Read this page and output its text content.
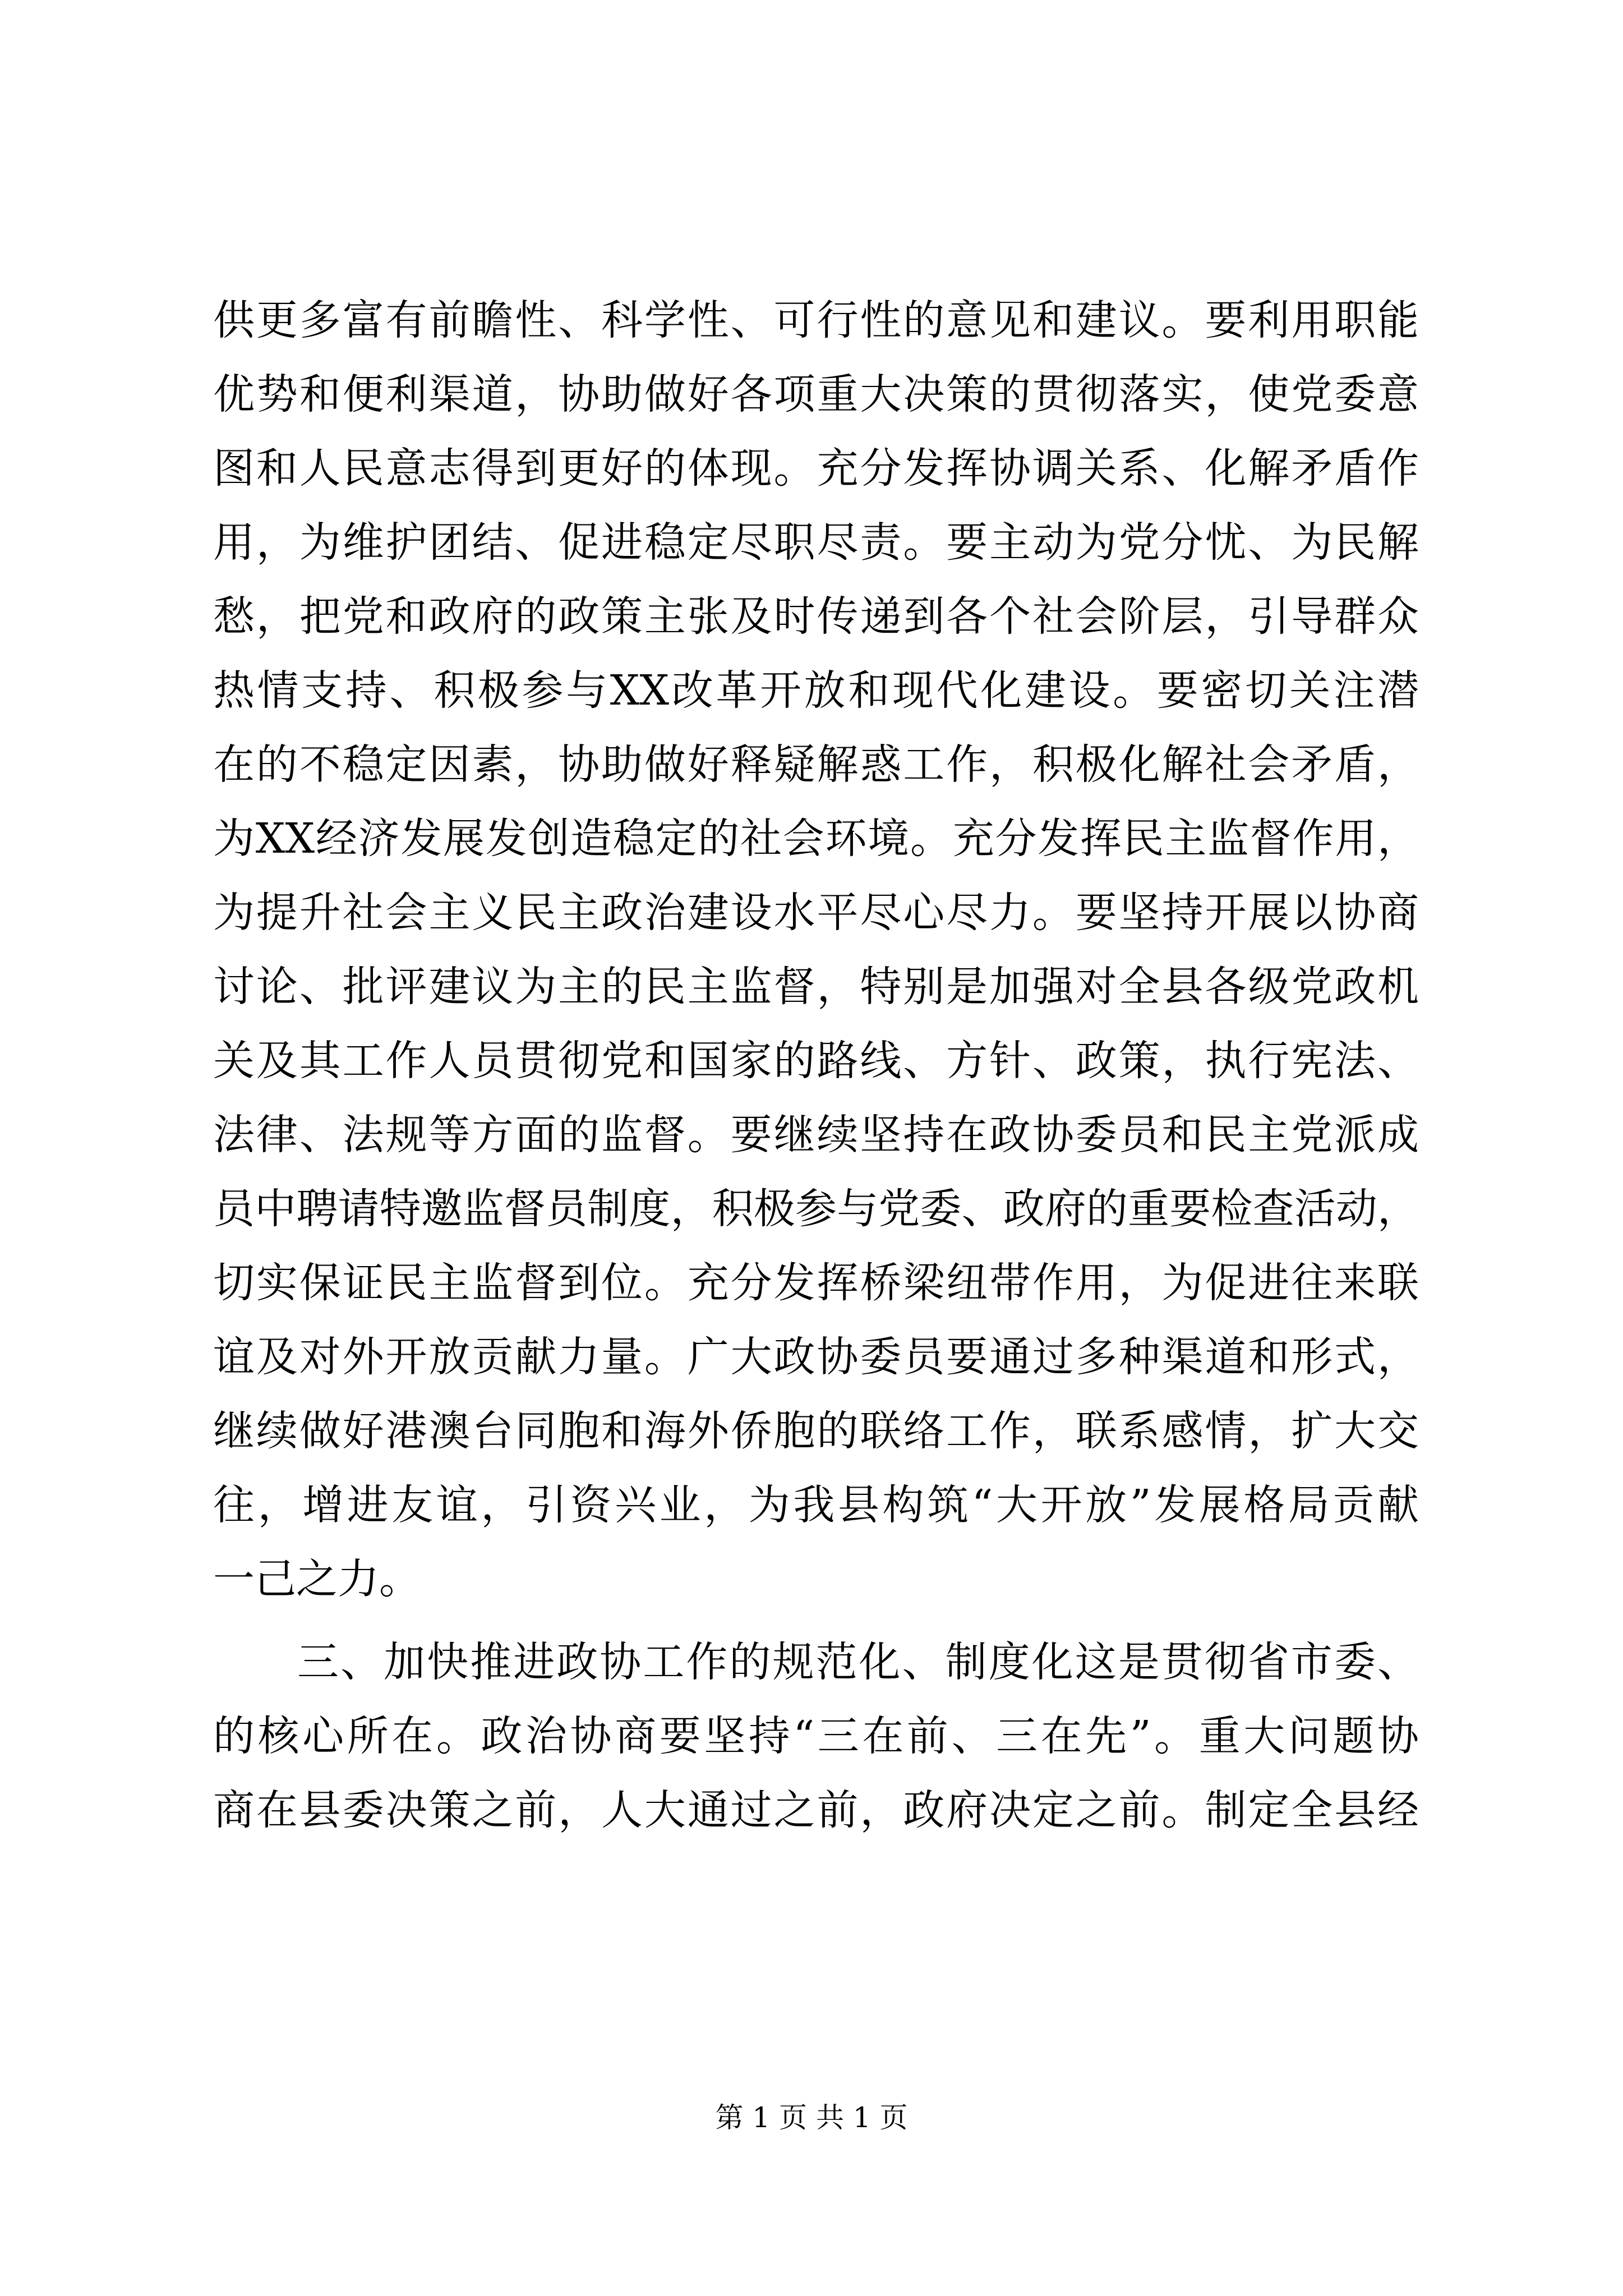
供更多富有前瞻性、科学性、可行性的意见和建议。要利用职能
优势和便利渠道，协助做好各项重大决策的贯彻落实，使党委意
图和人民意志得到更好的体现。充分发挥协调关系、化解矛盾作
用，为维护团结、促进稳定尽职尽责。要主动为党分忧、为民解
愁，把党和政府的政策主张及时传递到各个社会阶层，引导群众
热情支持、积极参与XX改革开放和现代化建设。要密切关注潜
在的不稳定因素，协助做好释疑解惑工作，积极化解社会矛盾，
为XX经济发展发创造稳定的社会环境。充分发挥民主监督作用，
为提升社会主义民主政治建设水平尽心尽力。要坚持开展以协商
讨论、批评建议为主的民主监督，特别是加强对全县各级党政机
关及其工作人员贯彻党和国家的路线、方针、政策，执行宪法、
法律、法规等方面的监督。要继续坚持在政协委员和民主党派成
员中聘请特邀监督员制度，积极参与党委、政府的重要检查活动，
切实保证民主监督到位。充分发挥桥梁纽带作用，为促进往来联
谊及对外开放贡献力量。广大政协委员要通过多种渠道和形式，
继续做好港澳台同胞和海外侨胞的联络工作，联系感情，扩大交
往，增进友谊，引资兴业，为我县构筑“大开放”发展格局贡献
一己之力。
三、加快推进政协工作的规范化、制度化这是贯彻省市委、
的核心所在。政治协商要坚持“三在前、三在先”。重大问题协
商在县委决策之前，人大通过之前，政府决定之前。制定全县经
第 1 页 共 1 页
